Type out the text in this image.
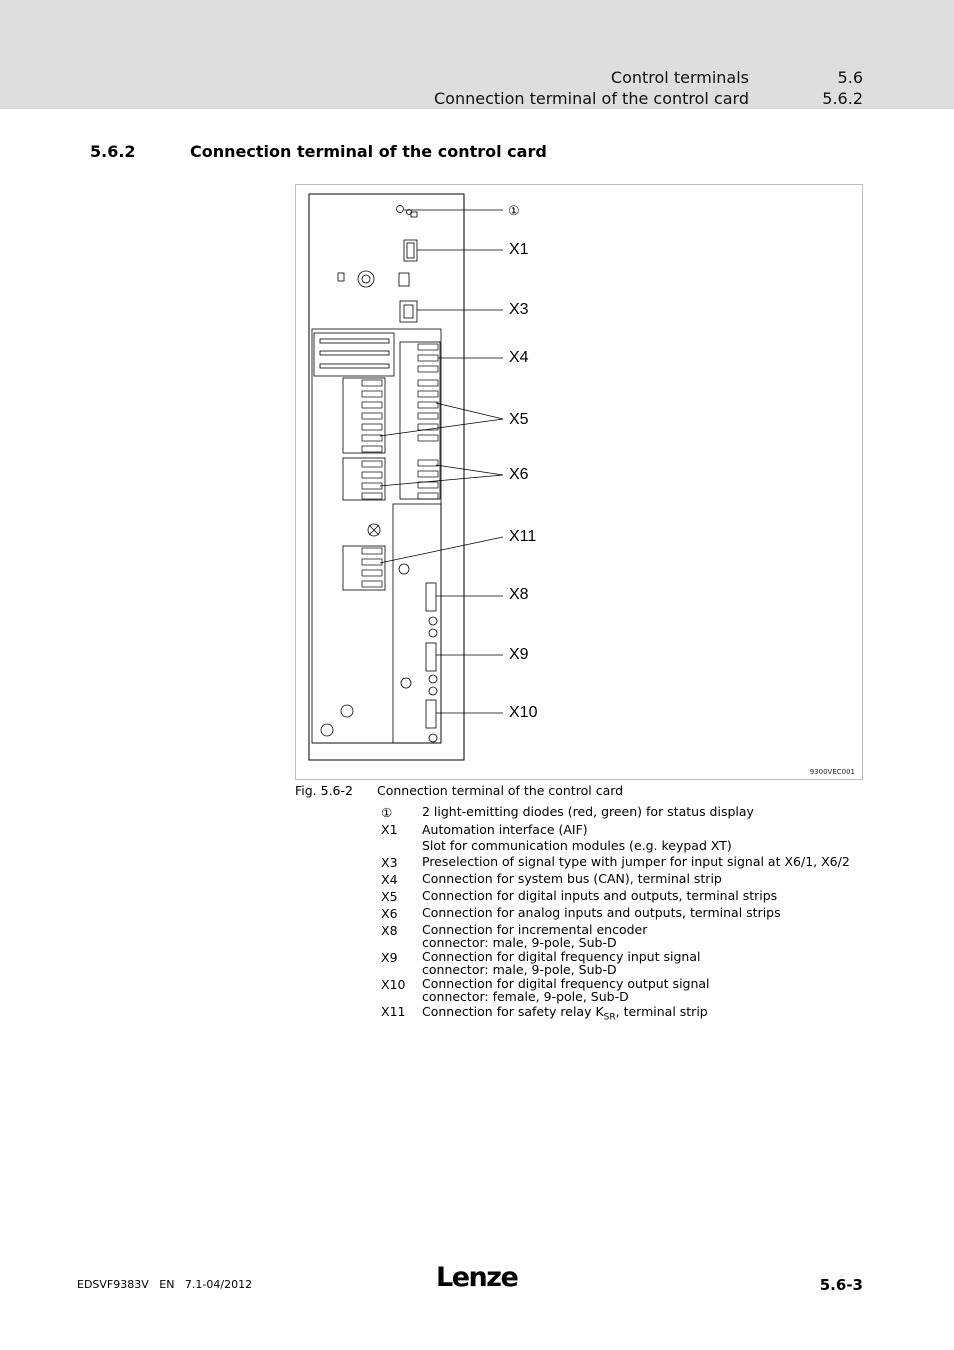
Control terminals	5.6
Connection terminal of the control card	5.6.2
5.6.2	Connection terminal of the control card
①
X1
X3
X4
X5
X6
X11
X8
X9
X10
9300VEC001
Fig. 5.6-2 Connection terminal of the control card
①	2 light-emitting diodes (red, green) for status display
X1	Automation interface (AIF)
Slot for communication modules (e.g. keypad XT)
X3	Preselection of signal type with jumper for input signal at X6/1, X6/2
X4	Connection for system bus (CAN), terminal strip
X5	Connection for digital inputs and outputs, terminal strips
X6	Connection for analog inputs and outputs, terminal strips
X8	Connection for incremental encoder
connector: male, 9-pole, Sub-D
X9	Connection for digital frequency input signal
connector: male, 9-pole, Sub-D
X10	Connection for digital frequency output signal
connector: female, 9-pole, Sub-D
X11	Connection for safety relay $K_{SR}$, terminal strip
EDSVF9383V   EN   7.1-04/2012	Lenze	5.6-3
